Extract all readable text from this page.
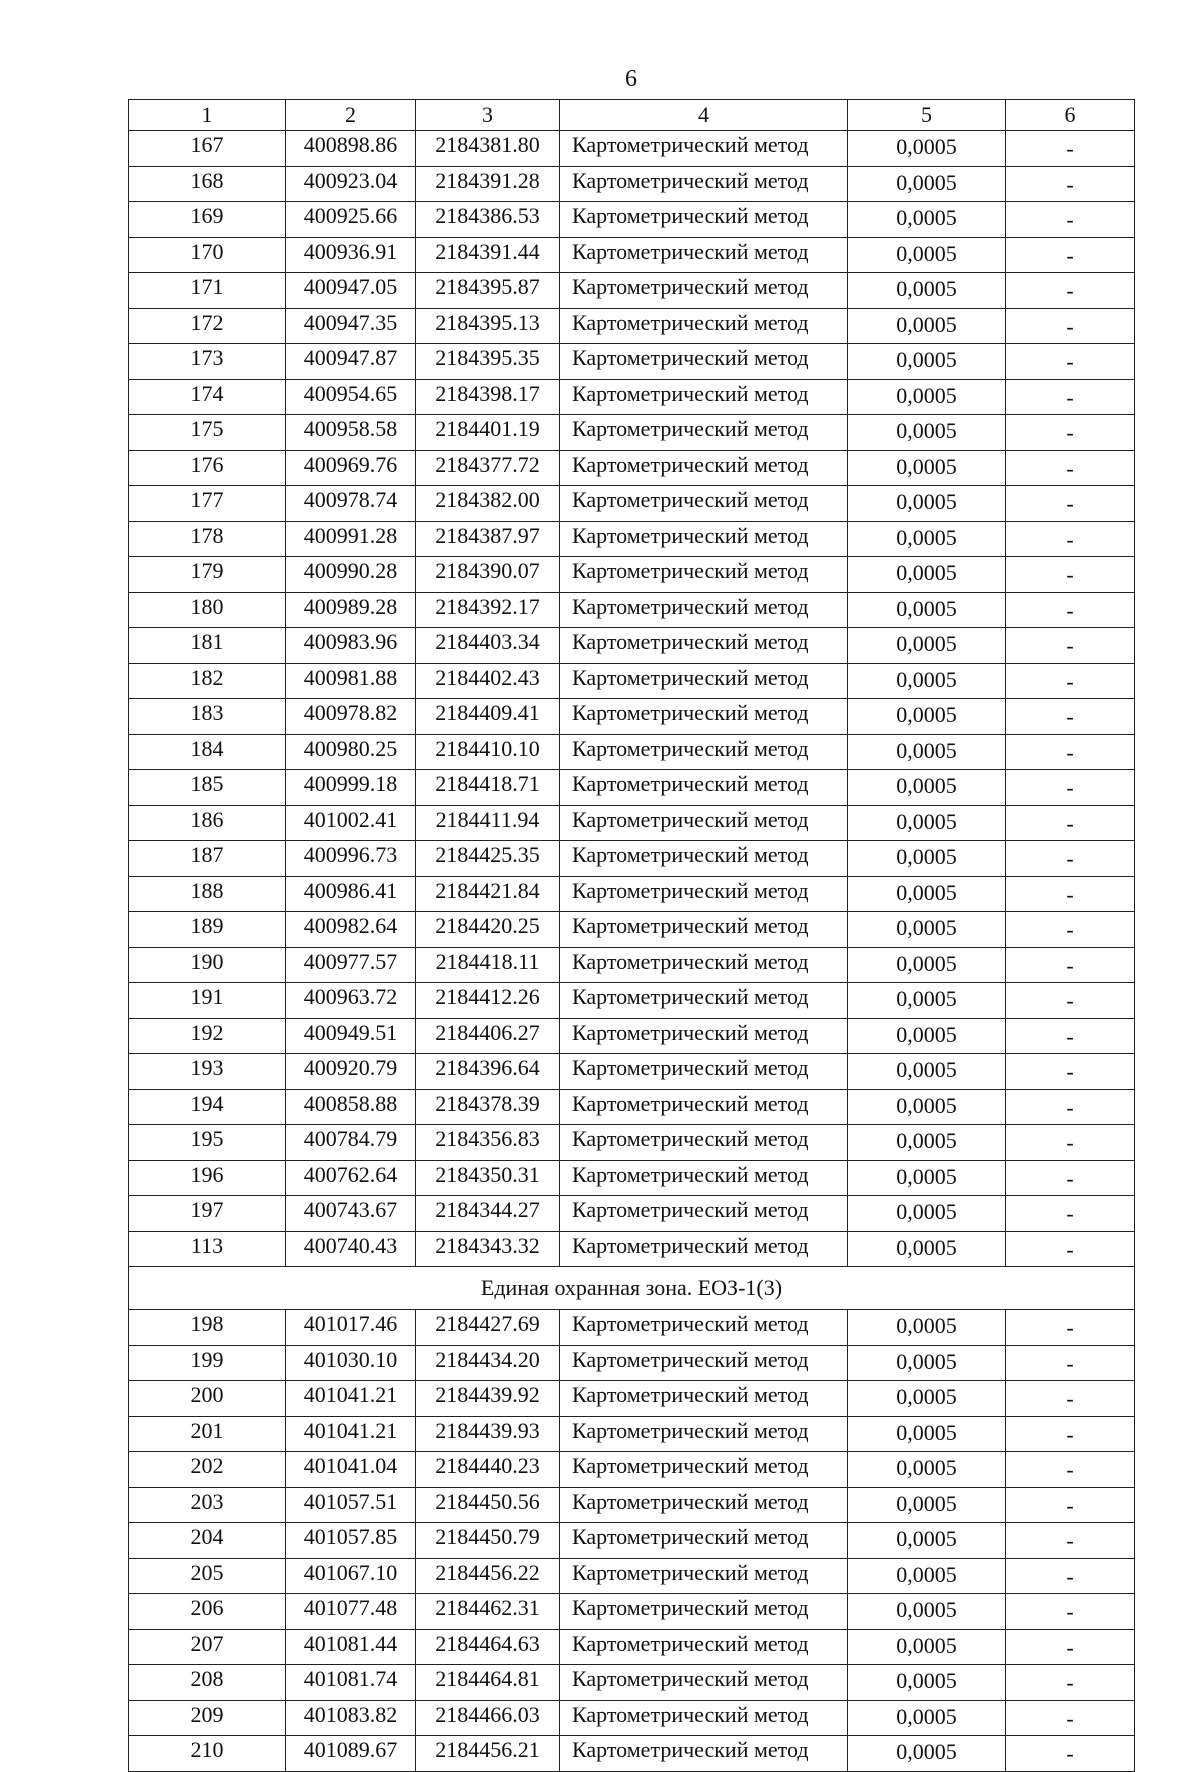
6
1	2	3	4	5	6
167	400898.86	2184381.80	Картометрический метод	0,0005	-
168	400923.04	2184391.28	Картометрический метод	0,0005	-
169	400925.66	2184386.53	Картометрический метод	0,0005	-
170	400936.91	2184391.44	Картометрический метод	0,0005	-
171	400947.05	2184395.87	Картометрический метод	0,0005	-
172	400947.35	2184395.13	Картометрический метод	0,0005	-
173	400947.87	2184395.35	Картометрический метод	0,0005	-
174	400954.65	2184398.17	Картометрический метод	0,0005	-
175	400958.58	2184401.19	Картометрический метод	0,0005	-
176	400969.76	2184377.72	Картометрический метод	0,0005	-
177	400978.74	2184382.00	Картометрический метод	0,0005	-
178	400991.28	2184387.97	Картометрический метод	0,0005	-
179	400990.28	2184390.07	Картометрический метод	0,0005	-
180	400989.28	2184392.17	Картометрический метод	0,0005	-
181	400983.96	2184403.34	Картометрический метод	0,0005	-
182	400981.88	2184402.43	Картометрический метод	0,0005	-
183	400978.82	2184409.41	Картометрический метод	0,0005	-
184	400980.25	2184410.10	Картометрический метод	0,0005	-
185	400999.18	2184418.71	Картометрический метод	0,0005	-
186	401002.41	2184411.94	Картометрический метод	0,0005	-
187	400996.73	2184425.35	Картометрический метод	0,0005	-
188	400986.41	2184421.84	Картометрический метод	0,0005	-
189	400982.64	2184420.25	Картометрический метод	0,0005	-
190	400977.57	2184418.11	Картометрический метод	0,0005	-
191	400963.72	2184412.26	Картометрический метод	0,0005	-
192	400949.51	2184406.27	Картометрический метод	0,0005	-
193	400920.79	2184396.64	Картометрический метод	0,0005	-
194	400858.88	2184378.39	Картометрический метод	0,0005	-
195	400784.79	2184356.83	Картометрический метод	0,0005	-
196	400762.64	2184350.31	Картометрический метод	0,0005	-
197	400743.67	2184344.27	Картометрический метод	0,0005	-
113	400740.43	2184343.32	Картометрический метод	0,0005	-
Единая охранная зона. ЕОЗ-1(3)					
198	401017.46	2184427.69	Картометрический метод	0,0005	-
199	401030.10	2184434.20	Картометрический метод	0,0005	-
200	401041.21	2184439.92	Картометрический метод	0,0005	-
201	401041.21	2184439.93	Картометрический метод	0,0005	-
202	401041.04	2184440.23	Картометрический метод	0,0005	-
203	401057.51	2184450.56	Картометрический метод	0,0005	-
204	401057.85	2184450.79	Картометрический метод	0,0005	-
205	401067.10	2184456.22	Картометрический метод	0,0005	-
206	401077.48	2184462.31	Картометрический метод	0,0005	-
207	401081.44	2184464.63	Картометрический метод	0,0005	-
208	401081.74	2184464.81	Картометрический метод	0,0005	-
209	401083.82	2184466.03	Картометрический метод	0,0005	-
210	401089.67	2184456.21	Картометрический метод	0,0005	-
